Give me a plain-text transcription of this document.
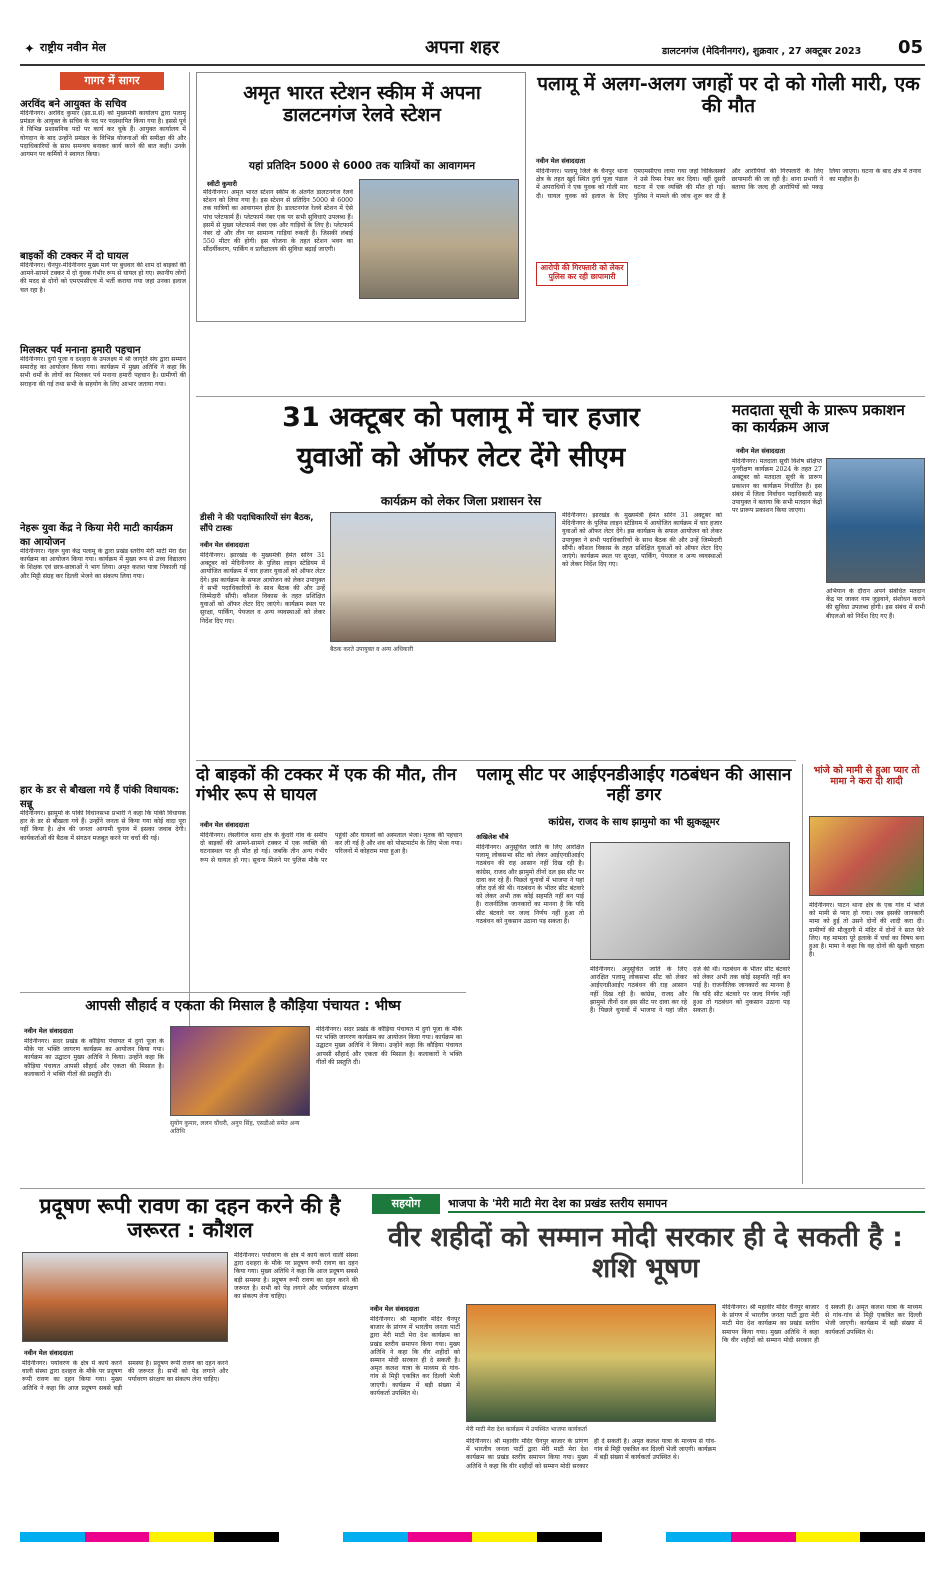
✦ राष्ट्रीय नवीन मेल	अपना शहर	डालटनगंज (मेदिनीनगर), शुक्रवार , 27 अक्टूबर 2023 05
गागर में सागर
अरविंद बने आयुक्त के सचिव
मेदिनीनगर। अरविंद कुमार (झा.प्र.से) को मुख्यमंत्री कार्यालय द्वारा पलामू प्रमंडल के आयुक्त के सचिव के पद पर पदस्थापित किया गया है। इससे पूर्व वे विभिन्न प्रशासनिक पदों पर कार्य कर चुके हैं। आयुक्त कार्यालय में योगदान के बाद उन्होंने प्रमंडल के विभिन्न योजनाओं की समीक्षा की और पदाधिकारियों के साथ समन्वय बनाकर कार्य करने की बात कही। उनके आगमन पर कर्मियों ने स्वागत किया।
बाइकों की टक्कर में दो घायल
मेदिनीनगर। चैनपुर-मेदिनीनगर मुख्य मार्ग पर बुधवार की शाम दो बाइकों की आमने-सामने टक्कर में दो युवक गंभीर रूप से घायल हो गए। स्थानीय लोगों की मदद से दोनों को एमएमसीएच में भर्ती कराया गया जहां उनका इलाज चल रहा है।
मिलकर पर्व मनाना हमारी पहचान
मेदिनीनगर। दुर्गा पूजा व दशहरा के उपलक्ष्य में श्री जागृति संघ द्वारा सम्मान समारोह का आयोजन किया गया। कार्यक्रम में मुख्य अतिथि ने कहा कि सभी धर्मों के लोगों का मिलकर पर्व मनाना हमारी पहचान है। ग्रामीणों की सराहना की गई तथा सभी के सहयोग के लिए आभार जताया गया।
नेहरू युवा केंद्र ने किया मेरी माटी कार्यक्रम का आयोजन
मेदिनीनगर। नेहरू युवा केंद्र पलामू के द्वारा प्रखंड स्तरीय मेरी माटी मेरा देश कार्यक्रम का आयोजन किया गया। कार्यक्रम में मुख्य रूप से उच्च विद्यालय के शिक्षक एवं छात्र-छात्राओं ने भाग लिया। अमृत कलश यात्रा निकाली गई और मिट्टी संग्रह कर दिल्ली भेजने का संकल्प लिया गया।
हार के डर से बौखला गये हैं पांकी विधायक: सन्नू
मेदिनीनगर। झामुमो के पांकी विधानसभा प्रभारी ने कहा कि पांकी विधायक हार के डर से बौखला गये हैं। उन्होंने जनता से किया गया कोई वादा पूरा नहीं किया है। क्षेत्र की जनता आगामी चुनाव में इसका जवाब देगी। कार्यकर्ताओं की बैठक में संगठन मजबूत करने पर चर्चा की गई।
अमृत भारत स्टेशन स्कीम में अपना डालटनगंज रेलवे स्टेशन
यहां प्रतिदिन 5000 से 6000 तक यात्रियों का आवागमन
स्वीटी कुमारी
मेदिनीनगर। अमृत भारत स्टेशन स्कीम के अंतर्गत डालटनगंज रेलवे स्टेशन को लिया गया है। इस स्टेशन से प्रतिदिन 5000 से 6000 तक यात्रियों का आवागमन होता है। डालटनगंज रेलवे स्टेशन में ऐसे पांच प्लेटफार्म हैं। प्लेटफार्म नंबर एक पर सभी सुविधाएं उपलब्ध हैं। इसमें से मुख्य प्लेटफार्म नंबर एक और गाड़ियों के लिए है। प्लेटफार्म नंबर दो और तीन पर सामान्य गाड़ियां रुकती हैं। जिसकी लंबाई 550 मीटर की होगी। इस योजना के तहत स्टेशन भवन का सौंदर्यीकरण, पार्किंग व प्रतीक्षालय की सुविधा बढ़ाई जाएगी।
पलामू में अलग-अलग जगहों पर दो को गोली मारी, एक की मौत
नवीन मेल संवाददाता
मेदिनीनगर। पलामू जिले के चैनपुर थाना क्षेत्र के तहत खुर्द स्थित दुर्गा पूजा पंडाल में अपराधियों ने एक युवक को गोली मार दी। घायल युवक को इलाज के लिए एमएमसीएच लाया गया जहां चिकित्सकों ने उसे रिम्स रेफर कर दिया। वहीं दूसरी घटना में एक व्यक्ति की मौत हो गई। पुलिस ने मामले की जांच शुरू कर दी है और आरोपियों की गिरफ्तारी के लिए छापामारी की जा रही है। थाना प्रभारी ने बताया कि जल्द ही आरोपियों को पकड़ लिया जाएगा। घटना के बाद क्षेत्र में तनाव का माहौल है।
आरोपी की गिरफ्तारी को लेकर पुलिस कर रही छापामारी
31 अक्टूबर को पलामू में चार हजार
युवाओं को ऑफर लेटर देंगे सीएम
कार्यक्रम को लेकर जिला प्रशासन रेस
डीसी ने की पदाधिकारियों संग बैठक, सौंपे टास्क
नवीन मेल संवाददाता
मेदिनीनगर। झारखंड के मुख्यमंत्री हेमंत सोरेन 31 अक्टूबर को मेदिनीनगर के पुलिस लाइन स्टेडियम में आयोजित कार्यक्रम में चार हजार युवाओं को ऑफर लेटर देंगे। इस कार्यक्रम के सफल आयोजन को लेकर उपायुक्त ने सभी पदाधिकारियों के साथ बैठक की और उन्हें जिम्मेदारी सौंपी। कौशल विकास के तहत प्रशिक्षित युवाओं को ऑफर लेटर दिए जाएंगे। कार्यक्रम स्थल पर सुरक्षा, पार्किंग, पेयजल व अन्य व्यवस्थाओं को लेकर निर्देश दिए गए।
बैठक करते उपायुक्त व अन्य अधिकारी
मेदिनीनगर। झारखंड के मुख्यमंत्री हेमंत सोरेन 31 अक्टूबर को मेदिनीनगर के पुलिस लाइन स्टेडियम में आयोजित कार्यक्रम में चार हजार युवाओं को ऑफर लेटर देंगे। इस कार्यक्रम के सफल आयोजन को लेकर उपायुक्त ने सभी पदाधिकारियों के साथ बैठक की और उन्हें जिम्मेदारी सौंपी। कौशल विकास के तहत प्रशिक्षित युवाओं को ऑफर लेटर दिए जाएंगे। कार्यक्रम स्थल पर सुरक्षा, पार्किंग, पेयजल व अन्य व्यवस्थाओं को लेकर निर्देश दिए गए।
मतदाता सूची के प्रारूप प्रकाशन का कार्यक्रम आज
नवीन मेल संवाददाता
मेदिनीनगर। मतदाता सूची विशेष संक्षिप्त पुनरीक्षण कार्यक्रम 2024 के तहत 27 अक्टूबर को मतदाता सूची के प्रारूप प्रकाशन का कार्यक्रम निर्धारित है। इस संबंध में जिला निर्वाचन पदाधिकारी सह उपायुक्त ने बताया कि सभी मतदान केंद्रों पर प्रारूप प्रकाशन किया जाएगा।
अभियान के दौरान अपने संबंधित मतदान केंद्र पर जाकर नाम जुड़वाने, संशोधन कराने की सुविधा उपलब्ध होगी। इस संबंध में सभी बीएलओ को निर्देश दिए गए हैं।
दो बाइकों की टक्कर में एक की मौत, तीन गंभीर रूप से घायल
नवीन मेल संवाददाता
मेदिनीनगर। लेस्लीगंज थाना क्षेत्र के कुंदरी गांव के समीप दो बाइकों की आमने-सामने टक्कर में एक व्यक्ति की घटनास्थल पर ही मौत हो गई। जबकि तीन अन्य गंभीर रूप से घायल हो गए। सूचना मिलने पर पुलिस मौके पर पहुंची और घायलों को अस्पताल भेजा। मृतक की पहचान कर ली गई है और शव को पोस्टमार्टम के लिए भेजा गया। परिजनों में कोहराम मचा हुआ है।
पलामू सीट पर आईएनडीआईए गठबंधन की आसान नहीं डगर
कांग्रेस, राजद के साथ झामुमो का भी झुकझूमर
अखिलेश चौबे
मेदिनीनगर। अनुसूचित जाति के लिए आरक्षित पलामू लोकसभा सीट को लेकर आईएनडीआईए गठबंधन की राह आसान नहीं दिख रही है। कांग्रेस, राजद और झामुमो तीनों दल इस सीट पर दावा कर रहे हैं। पिछले चुनावों में भाजपा ने यहां जीत दर्ज की थी। गठबंधन के भीतर सीट बंटवारे को लेकर अभी तक कोई सहमति नहीं बन पाई है। राजनीतिक जानकारों का मानना है कि यदि सीट बंटवारे पर जल्द निर्णय नहीं हुआ तो गठबंधन को नुकसान उठाना पड़ सकता है।
मेदिनीनगर। अनुसूचित जाति के लिए आरक्षित पलामू लोकसभा सीट को लेकर आईएनडीआईए गठबंधन की राह आसान नहीं दिख रही है। कांग्रेस, राजद और झामुमो तीनों दल इस सीट पर दावा कर रहे हैं। पिछले चुनावों में भाजपा ने यहां जीत दर्ज की थी। गठबंधन के भीतर सीट बंटवारे को लेकर अभी तक कोई सहमति नहीं बन पाई है। राजनीतिक जानकारों का मानना है कि यदि सीट बंटवारे पर जल्द निर्णय नहीं हुआ तो गठबंधन को नुकसान उठाना पड़ सकता है।
भांजे को मामी से हुआ प्यार तो मामा ने करा दी शादी
मेदिनीनगर। पाटन थाना क्षेत्र के एक गांव में भांजे को मामी से प्यार हो गया। जब इसकी जानकारी मामा को हुई तो उसने दोनों की शादी करा दी। ग्रामीणों की मौजूदगी में मंदिर में दोनों ने सात फेरे लिए। यह मामला पूरे इलाके में चर्चा का विषय बना हुआ है। मामा ने कहा कि वह दोनों की खुशी चाहता है।
आपसी सौहार्द व एकता की मिसाल है कौड़िया पंचायत : भीष्म
नवीन मेल संवाददाता
मेदिनीनगर। सदर प्रखंड के कौड़िया पंचायत में दुर्गा पूजा के मौके पर भक्ति जागरण कार्यक्रम का आयोजन किया गया। कार्यक्रम का उद्घाटन मुख्य अतिथि ने किया। उन्होंने कहा कि कौड़िया पंचायत आपसी सौहार्द और एकता की मिसाल है। कलाकारों ने भक्ति गीतों की प्रस्तुति दी।
सुयोग कुमार, ललन चौधरी, अनुप सिंह, एसडीओ समेत अन्य अतिथि
मेदिनीनगर। सदर प्रखंड के कौड़िया पंचायत में दुर्गा पूजा के मौके पर भक्ति जागरण कार्यक्रम का आयोजन किया गया। कार्यक्रम का उद्घाटन मुख्य अतिथि ने किया। उन्होंने कहा कि कौड़िया पंचायत आपसी सौहार्द और एकता की मिसाल है। कलाकारों ने भक्ति गीतों की प्रस्तुति दी।
प्रदूषण रूपी रावण का दहन करने की है जरूरत : कौशल
नवीन मेल संवाददाता
मेदिनीनगर। पर्यावरण के क्षेत्र में कार्य करने वाली संस्था द्वारा दशहरा के मौके पर प्रदूषण रूपी रावण का दहन किया गया। मुख्य अतिथि ने कहा कि आज प्रदूषण सबसे बड़ी समस्या है। प्रदूषण रूपी रावण का दहन करने की जरूरत है। सभी को पेड़ लगाने और पर्यावरण संरक्षण का संकल्प लेना चाहिए।
मेदिनीनगर। पर्यावरण के क्षेत्र में कार्य करने वाली संस्था द्वारा दशहरा के मौके पर प्रदूषण रूपी रावण का दहन किया गया। मुख्य अतिथि ने कहा कि आज प्रदूषण सबसे बड़ी समस्या है। प्रदूषण रूपी रावण का दहन करने की जरूरत है। सभी को पेड़ लगाने और पर्यावरण संरक्षण का संकल्प लेना चाहिए।
सहयोग	भाजपा के 'मेरी माटी मेरा देश का प्रखंड स्तरीय समापन
वीर शहीदों को सम्मान मोदी सरकार ही दे सकती है : शशि भूषण
नवीन मेल संवाददाता
मेदिनीनगर। श्री महावीर मंदिर चैनपुर बाजार के प्रांगण में भारतीय जनता पार्टी द्वारा मेरी माटी मेरा देश कार्यक्रम का प्रखंड स्तरीय समापन किया गया। मुख्य अतिथि ने कहा कि वीर शहीदों को सम्मान मोदी सरकार ही दे सकती है। अमृत कलश यात्रा के माध्यम से गांव-गांव से मिट्टी एकत्रित कर दिल्ली भेजी जाएगी। कार्यक्रम में बड़ी संख्या में कार्यकर्ता उपस्थित थे।
मेरी माटी मेरा देश कार्यक्रम में उपस्थित भाजपा कार्यकर्ता
मेदिनीनगर। श्री महावीर मंदिर चैनपुर बाजार के प्रांगण में भारतीय जनता पार्टी द्वारा मेरी माटी मेरा देश कार्यक्रम का प्रखंड स्तरीय समापन किया गया। मुख्य अतिथि ने कहा कि वीर शहीदों को सम्मान मोदी सरकार ही दे सकती है। अमृत कलश यात्रा के माध्यम से गांव-गांव से मिट्टी एकत्रित कर दिल्ली भेजी जाएगी। कार्यक्रम में बड़ी संख्या में कार्यकर्ता उपस्थित थे।
मेदिनीनगर। श्री महावीर मंदिर चैनपुर बाजार के प्रांगण में भारतीय जनता पार्टी द्वारा मेरी माटी मेरा देश कार्यक्रम का प्रखंड स्तरीय समापन किया गया। मुख्य अतिथि ने कहा कि वीर शहीदों को सम्मान मोदी सरकार ही दे सकती है। अमृत कलश यात्रा के माध्यम से गांव-गांव से मिट्टी एकत्रित कर दिल्ली भेजी जाएगी। कार्यक्रम में बड़ी संख्या में कार्यकर्ता उपस्थित थे।
